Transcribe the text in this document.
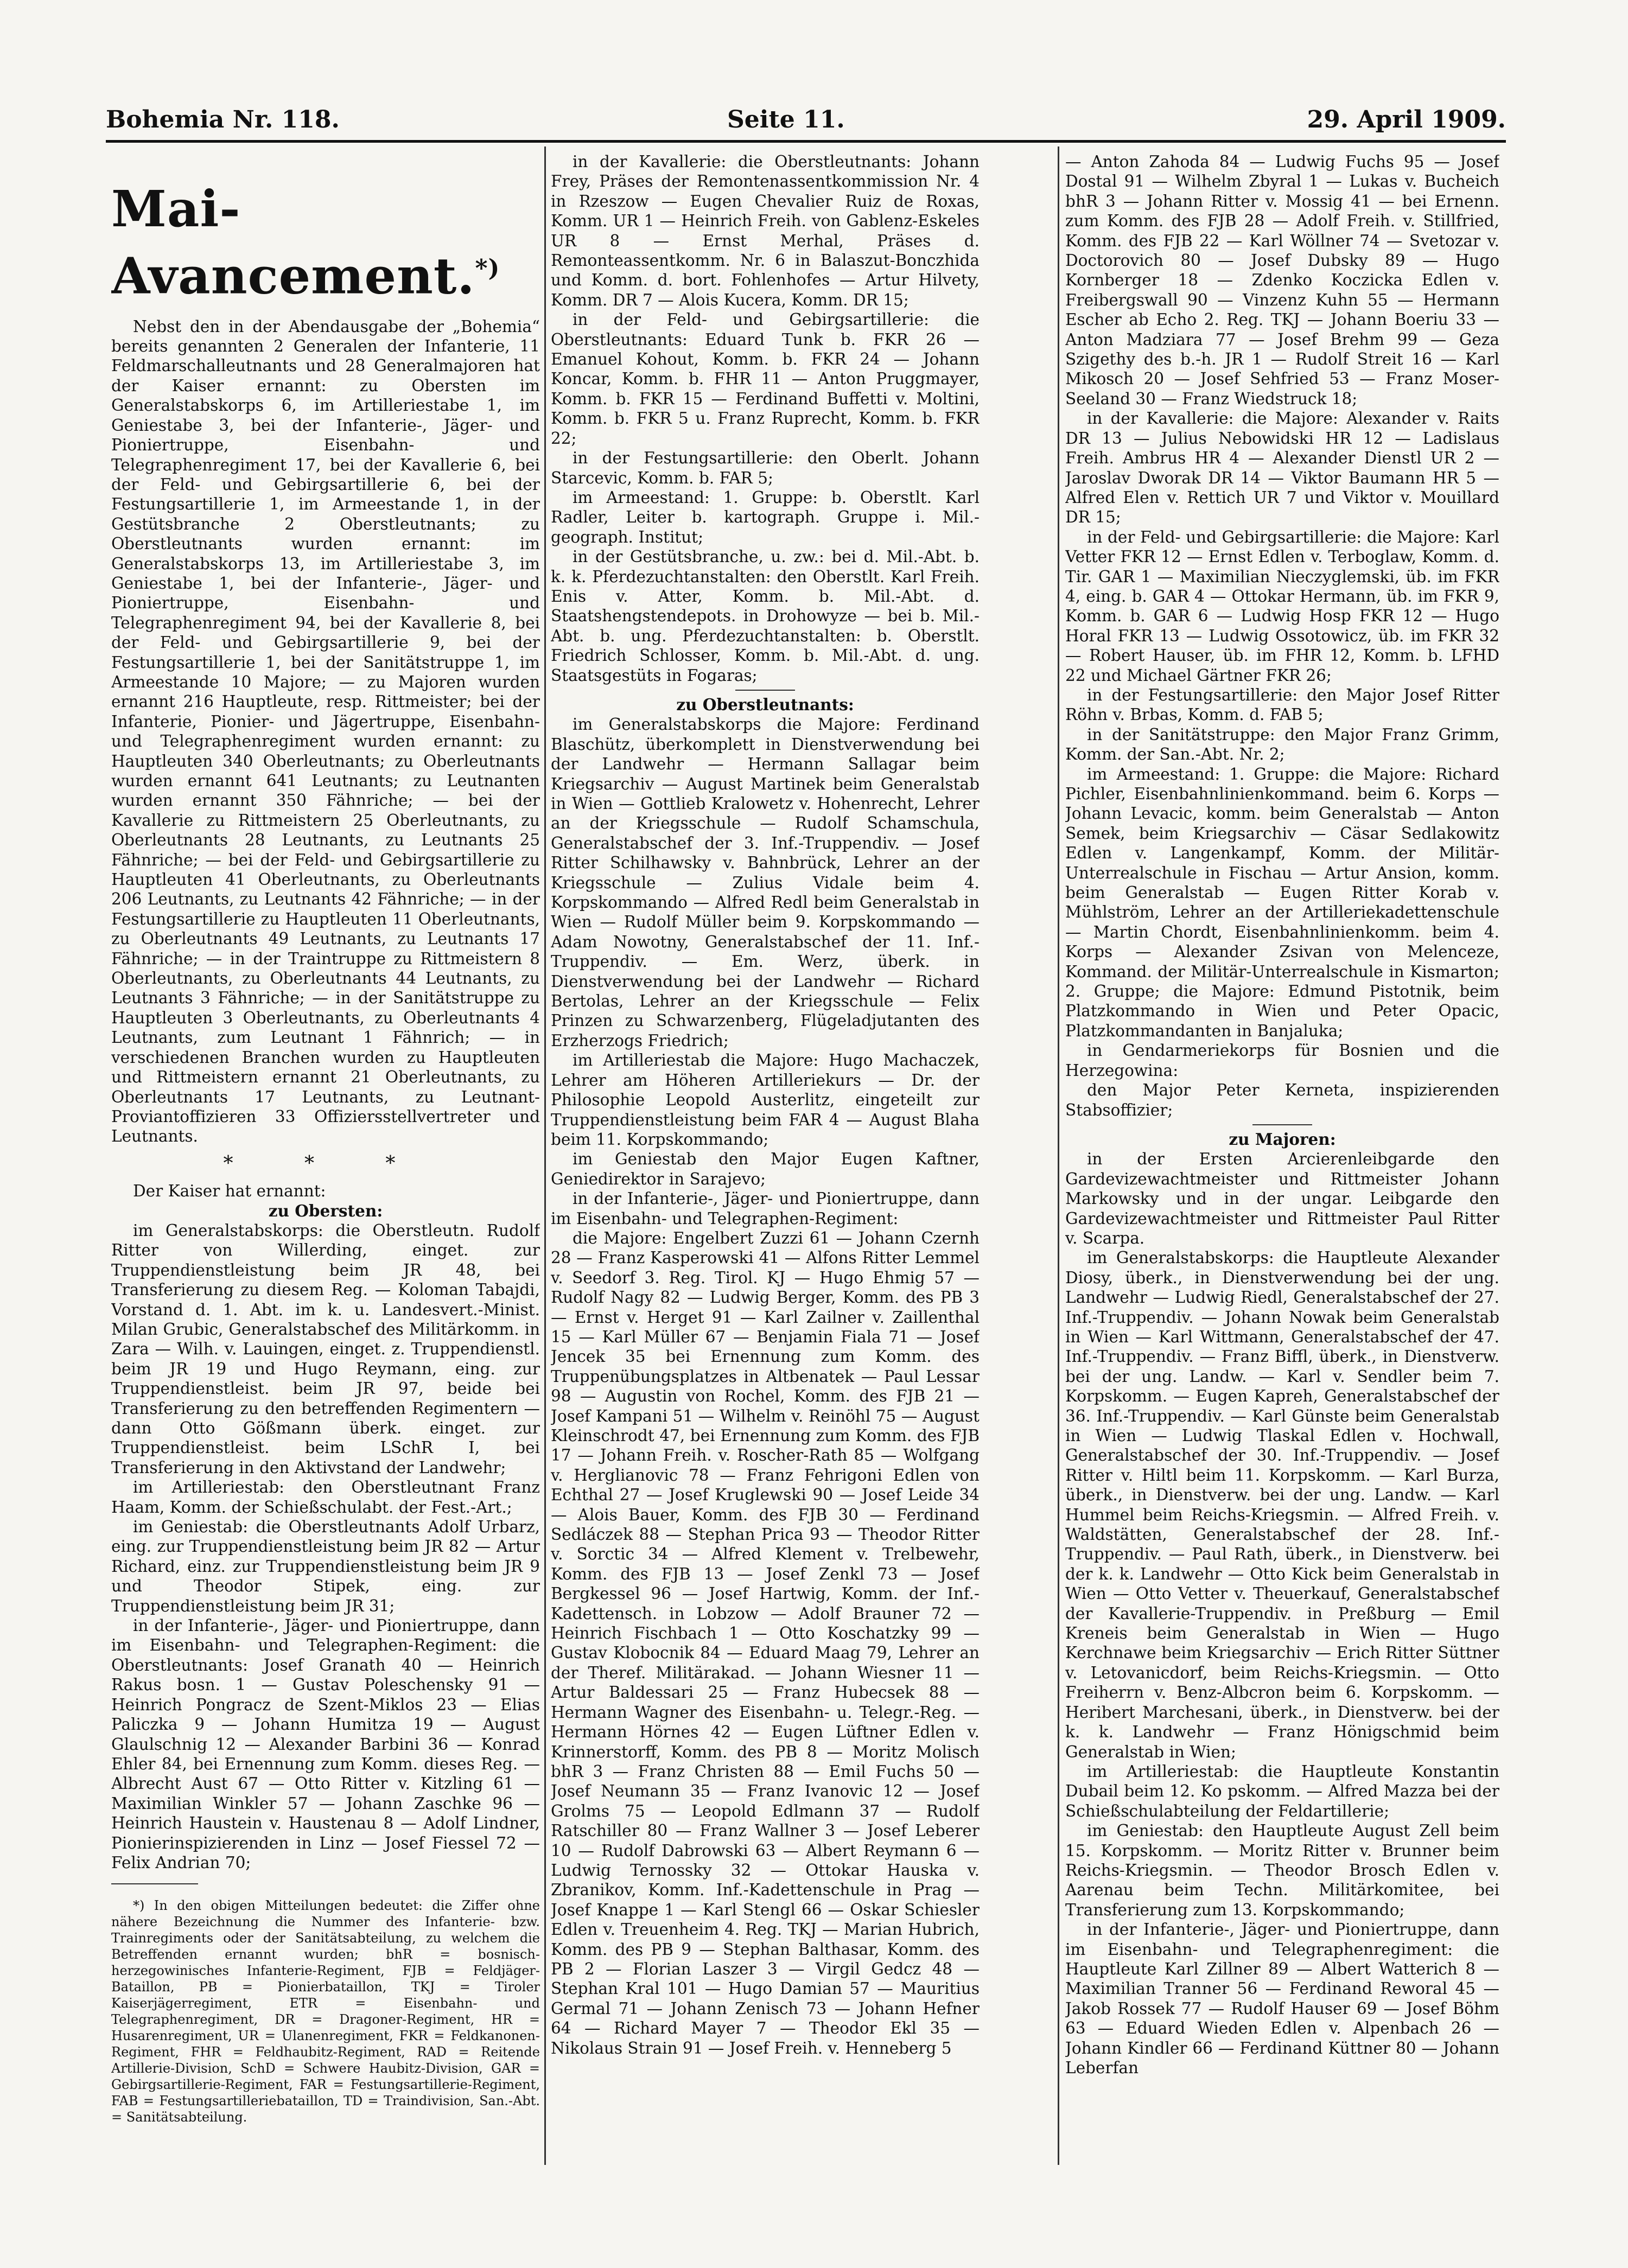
Bohemia Nr. 118.	Seite 11.	29. April 1909.

Mai-Avancement.*)

Nebst den in der Abendausgabe der „Bohemia“ bereits genannten 2 Generalen der Infanterie, 11 Feldmarschalleutnants und 28 Generalmajoren hat der Kaiser ernannt: zu Obersten im Generalstabskorps 6, im Artilleriestabe 1, im Geniestabe 3, bei der Infanterie-, Jäger- und Pioniertruppe, Eisenbahn- und Telegraphenregiment 17, bei der Kavallerie 6, bei der Feld- und Gebirgsartillerie 6, bei der Festungsartillerie 1, im Armeestande 1, in der Gestütsbranche 2 Oberstleutnants; zu Oberstleutnants wurden ernannt: im Generalstabskorps 13, im Artilleriestabe 3, im Geniestabe 1, bei der Infanterie-, Jäger- und Pioniertruppe, Eisenbahn- und Telegraphenregiment 94, bei der Kavallerie 8, bei der Feld- und Gebirgsartillerie 9, bei der Festungsartillerie 1, bei der Sanitätstruppe 1, im Armeestande 10 Majore; — zu Majoren wurden ernannt 216 Hauptleute, resp. Rittmeister; bei der Infanterie, Pionier- und Jägertruppe, Eisenbahn- und Telegraphenregiment wurden ernannt: zu Hauptleuten 340 Oberleutnants; zu Oberleutnants wurden ernannt 641 Leutnants; zu Leutnanten wurden ernannt 350 Fähnriche; — bei der Kavallerie zu Rittmeistern 25 Oberleutnants, zu Oberleutnants 28 Leutnants, zu Leutnants 25 Fähnriche; — bei der Feld- und Gebirgsartillerie zu Hauptleuten 41 Oberleutnants, zu Oberleutnants 206 Leutnants, zu Leutnants 42 Fähnriche; — in der Festungsartillerie zu Hauptleuten 11 Oberleutnants, zu Oberleutnants 49 Leutnants, zu Leutnants 17 Fähnriche; — in der Traintruppe zu Rittmeistern 8 Oberleutnants, zu Oberleutnants 44 Leutnants, zu Leutnants 3 Fähnriche; — in der Sanitätstruppe zu Hauptleuten 3 Oberleutnants, zu Oberleutnants 4 Leutnants, zum Leutnant 1 Fähnrich; — in verschiedenen Branchen wurden zu Hauptleuten und Rittmeistern ernannt 21 Oberleutnants, zu Oberleutnants 17 Leutnants, zu Leutnant-Proviantoffizieren 33 Offiziersstellvertreter und Leutnants.

* * *

Der Kaiser hat ernannt:

zu Obersten:

im Generalstabskorps: die Oberstleutn. Rudolf Ritter von Willerding, einget. zur Truppendienstleistung beim JR 48, bei Transferierung zu diesem Reg. — Koloman Tabajdi, Vorstand d. 1. Abt. im k. u. Landesvert.-Minist. Milan Grubic, Generalstabschef des Militärkomm. in Zara — Wilh. v. Lauingen, einget. z. Truppendienstl. beim JR 19 und Hugo Reymann, eing. zur Truppendienstleist. beim JR 97, beide bei Transferierung zu den betreffenden Regimentern — dann Otto Gößmann überk. einget. zur Truppendienstleist. beim LSchR I, bei Transferierung in den Aktivstand der Landwehr;

im Artilleriestab: den Oberstleutnant Franz Haam, Komm. der Schießschulabt. der Fest.-Art.;

im Geniestab: die Oberstleutnants Adolf Urbarz, eing. zur Truppendienstleistung beim JR 82 — Artur Richard, einz. zur Truppendienstleistung beim JR 9 und Theodor Stipek, eing. zur Truppendienstleistung beim JR 31;

in der Infanterie-, Jäger- und Pioniertruppe, dann im Eisenbahn- und Telegraphen-Regiment: die Oberstleutnants: Josef Granath 40 — Heinrich Rakus bosn. 1 — Gustav Poleschensky 91 — Heinrich Pongracz de Szent-Miklos 23 — Elias Paliczka 9 — Johann Humitza 19 — August Glaulschnig 12 — Alexander Barbini 36 — Konrad Ehler 84, bei Ernennung zum Komm. dieses Reg. — Albrecht Aust 67 — Otto Ritter v. Kitzling 61 — Maximilian Winkler 57 — Johann Zaschke 96 — Heinrich Haustein v. Haustenau 8 — Adolf Lindner, Pionierinspizierenden in Linz — Josef Fiessel 72 — Felix Andrian 70;

*) In den obigen Mitteilungen bedeutet: die Ziffer ohne nähere Bezeichnung die Nummer des Infanterie- bzw. Trainregiments oder der Sanitätsabteilung, zu welchem die Betreffenden ernannt wurden; bhR = bosnisch-herzegowinisches Infanterie-Regiment, FJB = Feldjäger-Bataillon, PB = Pionierbataillon, TKJ = Tiroler Kaiserjägerregiment, ETR = Eisenbahn- und Telegraphenregiment, DR = Dragoner-Regiment, HR = Husarenregiment, UR = Ulanenregiment, FKR = Feldkanonen-Regiment, FHR = Feldhaubitz-Regiment, RAD = Reitende Artillerie-Division, SchD = Schwere Haubitz-Division, GAR = Gebirgsartillerie-Regiment, FAR = Festungsartillerie-Regiment, FAB = Festungsartilleriebataillon, TD = Traindivision, San.-Abt. = Sanitätsabteilung.

in der Kavallerie: die Oberstleutnants: Johann Frey, Präses der Remontenassentkommission Nr. 4 in Rzeszow — Eugen Chevalier Ruiz de Roxas, Komm. UR 1 — Heinrich Freih. von Gablenz-Eskeles UR 8 — Ernst Merhal, Präses d. Remonteassentkomm. Nr. 6 in Balaszut-Bonczhida und Komm. d. bort. Fohlenhofes — Artur Hilvety, Komm. DR 7 — Alois Kucera, Komm. DR 15;

in der Feld- und Gebirgsartillerie: die Oberstleutnants: Eduard Tunk b. FKR 26 — Emanuel Kohout, Komm. b. FKR 24 — Johann Koncar, Komm. b. FHR 11 — Anton Pruggmayer, Komm. b. FKR 15 — Ferdinand Buffetti v. Moltini, Komm. b. FKR 5 u. Franz Ruprecht, Komm. b. FKR 22;

in der Festungsartillerie: den Oberlt. Johann Starcevic, Komm. b. FAR 5;

im Armeestand: 1. Gruppe: b. Oberstlt. Karl Radler, Leiter b. kartograph. Gruppe i. Mil.-geograph. Institut;

in der Gestütsbranche, u. zw.: bei d. Mil.-Abt. b. k. k. Pferdezuchtanstalten: den Oberstlt. Karl Freih. Enis v. Atter, Komm. b. Mil.-Abt. d. Staatshengstendepots. in Drohowyze — bei b. Mil.-Abt. b. ung. Pferdezuchtanstalten: b. Oberstlt. Friedrich Schlosser, Komm. b. Mil.-Abt. d. ung. Staatsgestüts in Fogaras;

zu Oberstleutnants:

im Generalstabskorps die Majore: Ferdinand Blaschütz, überkomplett in Dienstverwendung bei der Landwehr — Hermann Sallagar beim Kriegsarchiv — August Martinek beim Generalstab in Wien — Gottlieb Kralowetz v. Hohenrecht, Lehrer an der Kriegsschule — Rudolf Schamschula, Generalstabschef der 3. Inf.-Truppendiv. — Josef Ritter Schilhawsky v. Bahnbrück, Lehrer an der Kriegsschule — Zulius Vidale beim 4. Korpskommando — Alfred Redl beim Generalstab in Wien — Rudolf Müller beim 9. Korpskommando — Adam Nowotny, Generalstabschef der 11. Inf.-Truppendiv. — Em. Werz, überk. in Dienstverwendung bei der Landwehr — Richard Bertolas, Lehrer an der Kriegsschule — Felix Prinzen zu Schwarzenberg, Flügeladjutanten des Erzherzogs Friedrich;

im Artilleriestab die Majore: Hugo Machaczek, Lehrer am Höheren Artilleriekurs — Dr. der Philosophie Leopold Austerlitz, eingeteilt zur Truppendienstleistung beim FAR 4 — August Blaha beim 11. Korpskommando;

im Geniestab den Major Eugen Kaftner, Geniedirektor in Sarajevo;

in der Infanterie-, Jäger- und Pioniertruppe, dann im Eisenbahn- und Telegraphen-Regiment:

die Majore: Engelbert Zuzzi 61 — Johann Czernh 28 — Franz Kasperowski 41 — Alfons Ritter Lemmel v. Seedorf 3. Reg. Tirol. KJ — Hugo Ehmig 57 — Rudolf Nagy 82 — Ludwig Berger, Komm. des PB 3 — Ernst v. Herget 91 — Karl Zailner v. Zaillenthal 15 — Karl Müller 67 — Benjamin Fiala 71 — Josef Jencek 35 bei Ernennung zum Komm. des Truppenübungsplatzes in Altbenatek — Paul Lessar 98 — Augustin von Rochel, Komm. des FJB 21 — Josef Kampani 51 — Wilhelm v. Reinöhl 75 — August Kleinschrodt 47, bei Ernennung zum Komm. des FJB 17 — Johann Freih. v. Roscher-Rath 85 — Wolfgang v. Herglianovic 78 — Franz Fehrigoni Edlen von Echthal 27 — Josef Kruglewski 90 — Josef Leide 34 — Alois Bauer, Komm. des FJB 30 — Ferdinand Sedláczek 88 — Stephan Prica 93 — Theodor Ritter v. Sorctic 34 — Alfred Klement v. Trelbewehr, Komm. des FJB 13 — Josef Zenkl 73 — Josef Bergkessel 96 — Josef Hartwig, Komm. der Inf.-Kadettensch. in Lobzow — Adolf Brauner 72 — Heinrich Fischbach 1 — Otto Koschatzky 99 — Gustav Klobocnik 84 — Eduard Maag 79, Lehrer an der Theref. Militärakad. — Johann Wiesner 11 — Artur Baldessari 25 — Franz Hubecsek 88 — Hermann Wagner des Eisenbahn- u. Telegr.-Reg. — Hermann Hörnes 42 — Eugen Lüftner Edlen v. Krinnerstorff, Komm. des PB 8 — Moritz Molisch bhR 3 — Franz Christen 88 — Emil Fuchs 50 — Josef Neumann 35 — Franz Ivanovic 12 — Josef Grolms 75 — Leopold Edlmann 37 — Rudolf Ratschiller 80 — Franz Wallner 3 — Josef Leberer 10 — Rudolf Dabrowski 63 — Albert Reymann 6 — Ludwig Ternossky 32 — Ottokar Hauska v. Zbranikov, Komm. Inf.-Kadettenschule in Prag — Josef Knappe 1 — Karl Stengl 66 — Oskar Schiesler Edlen v. Treuenheim 4. Reg. TKJ — Marian Hubrich, Komm. des PB 9 — Stephan Balthasar, Komm. des PB 2 — Florian Laszer 3 — Virgil Gedcz 48 — Stephan Kral 101 — Hugo Damian 57 — Mauritius Germal 71 — Johann Zenisch 73 — Johann Hefner 64 — Richard Mayer 7 — Theodor Ekl 35 — Nikolaus Strain 91 — Josef Freih. v. Henneberg 5

— Anton Zahoda 84 — Ludwig Fuchs 95 — Josef Dostal 91 — Wilhelm Zbyral 1 — Lukas v. Bucheich bhR 3 — Johann Ritter v. Mossig 41 — bei Ernenn. zum Komm. des FJB 28 — Adolf Freih. v. Stillfried, Komm. des FJB 22 — Karl Wöllner 74 — Svetozar v. Doctorovich 80 — Josef Dubsky 89 — Hugo Kornberger 18 — Zdenko Koczicka Edlen v. Freibergswall 90 — Vinzenz Kuhn 55 — Hermann Escher ab Echo 2. Reg. TKJ — Johann Boeriu 33 — Anton Madziara 77 — Josef Brehm 99 — Geza Szigethy des b.-h. JR 1 — Rudolf Streit 16 — Karl Mikosch 20 — Josef Sehfried 53 — Franz Moser-Seeland 30 — Franz Wiedstruck 18;

in der Kavallerie: die Majore: Alexander v. Raits DR 13 — Julius Nebowidski HR 12 — Ladislaus Freih. Ambrus HR 4 — Alexander Dienstl UR 2 — Jaroslav Dworak DR 14 — Viktor Baumann HR 5 — Alfred Elen v. Rettich UR 7 und Viktor v. Mouillard DR 15;

in der Feld- und Gebirgsartillerie: die Majore: Karl Vetter FKR 12 — Ernst Edlen v. Terboglaw, Komm. d. Tir. GAR 1 — Maximilian Nieczyglemski, üb. im FKR 4, eing. b. GAR 4 — Ottokar Hermann, üb. im FKR 9, Komm. b. GAR 6 — Ludwig Hosp FKR 12 — Hugo Horal FKR 13 — Ludwig Ossotowicz, üb. im FKR 32 — Robert Hauser, üb. im FHR 12, Komm. b. LFHD 22 und Michael Gärtner FKR 26;

in der Festungsartillerie: den Major Josef Ritter Röhn v. Brbas, Komm. d. FAB 5;

in der Sanitätstruppe: den Major Franz Grimm, Komm. der San.-Abt. Nr. 2;

im Armeestand: 1. Gruppe: die Majore: Richard Pichler, Eisenbahnlinienkommand. beim 6. Korps — Johann Levacic, komm. beim Generalstab — Anton Semek, beim Kriegsarchiv — Cäsar Sedlakowitz Edlen v. Langenkampf, Komm. der Militär-Unterrealschule in Fischau — Artur Ansion, komm. beim Generalstab — Eugen Ritter Korab v. Mühlström, Lehrer an der Artilleriekadettenschule — Martin Chordt, Eisenbahnlinienkomm. beim 4. Korps — Alexander Zsivan von Melenceze, Kommand. der Militär-Unterrealschule in Kismarton; 2. Gruppe; die Majore: Edmund Pistotnik, beim Platzkommando in Wien und Peter Opacic, Platzkommandanten in Banjaluka;

in Gendarmeriekorps für Bosnien und die Herzegowina:

den Major Peter Kerneta, inspizierenden Stabsoffizier;

zu Majoren:

in der Ersten Arcierenleibgarde den Gardevizewachtmeister und Rittmeister Johann Markowsky und in der ungar. Leibgarde den Gardevizewachtmeister und Rittmeister Paul Ritter v. Scarpa.

im Generalstabskorps: die Hauptleute Alexander Diosy, überk., in Dienstverwendung bei der ung. Landwehr — Ludwig Riedl, Generalstabschef der 27. Inf.-Truppendiv. — Johann Nowak beim Generalstab in Wien — Karl Wittmann, Generalstabschef der 47. Inf.-Truppendiv. — Franz Biffl, überk., in Dienstverw. bei der ung. Landw. — Karl v. Sendler beim 7. Korpskomm. — Eugen Kapreh, Generalstabschef der 36. Inf.-Truppendiv. — Karl Günste beim Generalstab in Wien — Ludwig Tlaskal Edlen v. Hochwall, Generalstabschef der 30. Inf.-Truppendiv. — Josef Ritter v. Hiltl beim 11. Korpskomm. — Karl Burza, überk., in Dienstverw. bei der ung. Landw. — Karl Hummel beim Reichs-Kriegsmin. — Alfred Freih. v. Waldstätten, Generalstabschef der 28. Inf.-Truppendiv. — Paul Rath, überk., in Dienstverw. bei der k. k. Landwehr — Otto Kick beim Generalstab in Wien — Otto Vetter v. Theuerkauf, Generalstabschef der Kavallerie-Truppendiv. in Preßburg — Emil Kreneis beim Generalstab in Wien — Hugo Kerchnawe beim Kriegsarchiv — Erich Ritter Süttner v. Letovanicdorf, beim Reichs-Kriegsmin. — Otto Freiherrn v. Benz-Albcron beim 6. Korpskomm. — Heribert Marchesani, überk., in Dienstverw. bei der k. k. Landwehr — Franz Hönigschmid beim Generalstab in Wien;

im Artilleriestab: die Hauptleute Konstantin Dubail beim 12. Ko pskomm. — Alfred Mazza bei der Schießschulabteilung der Feldartillerie;

im Geniestab: den Hauptleute August Zell beim 15. Korpskomm. — Moritz Ritter v. Brunner beim Reichs-Kriegsmin. — Theodor Brosch Edlen v. Aarenau beim Techn. Militärkomitee, bei Transferierung zum 13. Korpskommando;

in der Infanterie-, Jäger- und Pioniertruppe, dann im Eisenbahn- und Telegraphenregiment: die Hauptleute Karl Zillner 89 — Albert Watterich 8 — Maximilian Tranner 56 — Ferdinand Reworal 45 — Jakob Rossek 77 — Rudolf Hauser 69 — Josef Böhm 63 — Eduard Wieden Edlen v. Alpenbach 26 — Johann Kindler 66 — Ferdinand Küttner 80 — Johann Leberfan
